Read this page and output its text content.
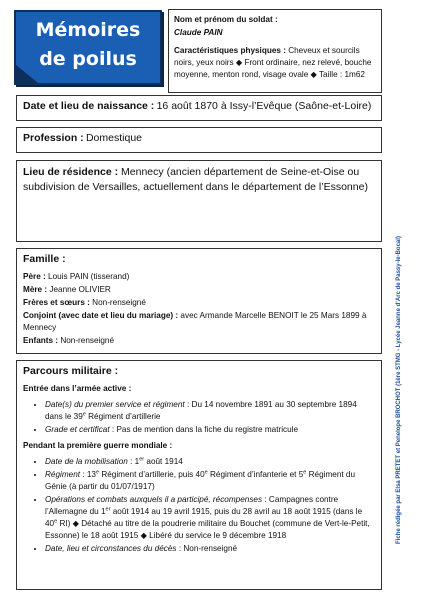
Mémoires
de poilus
Nom et prénom du soldat :
Claude PAIN
Caractéristiques physiques : Cheveux et sourcils noirs, yeux noirs ◆ Front ordinaire, nez relevé, bouche moyenne, menton rond, visage ovale ◆ Taille : 1m62
Date et lieu de naissance : 16 août 1870 à Issy-l’Evêque (Saône-et-Loire)
Profession : Domestique
Lieu de résidence : Mennecy (ancien département de Seine-et-Oise ou subdivision de Versailles, actuellement dans le département de l’Essonne)
Famille :
Père : Louis PAIN (tisserand)
Mère : Jeanne OLIVIER
Frères et sœurs : Non-renseigné
Conjoint (avec date et lieu du mariage) : avec Armande Marcelle BENOIT le 25 Mars 1899 à Mennecy
Enfants : Non-renseigné
Parcours militaire :
Entrée dans l’armée active :
• Date(s) du premier service et régiment : Du 14 novembre 1891 au 30 septembre 1894 dans le 39e Régiment d’artillerie
• Grade et certificat : Pas de mention dans la fiche du registre matricule
Pendant la première guerre mondiale :
• Date de la mobilisation : 1er août 1914
• Régiment : 13e Régiment d’artillerie, puis 40e Régiment d’infanterie et 5e Régiment du Génie (à partir du 01/07/1917)
• Opérations et combats auxquels il a participé, récompenses : Campagnes contre l’Allemagne du 1er août 1914 au 19 avril 1915, puis du 28 avril au 18 août 1915 (dans le 40e RI) ◆ Détaché au titre de la poudrerie militaire du Bouchet (commune de Vert-le-Petit, Essonne) le 18 août 1915 ◆ Libéré du service le 9 décembre 1918
• Date, lieu et circonstances du décès : Non-renseigné
Fiche rédigée par Elsa PRETET et Penelope BROCHOT (1ère STMG - Lycée Jeanne d’Arc de Passy-le-Bocal)
